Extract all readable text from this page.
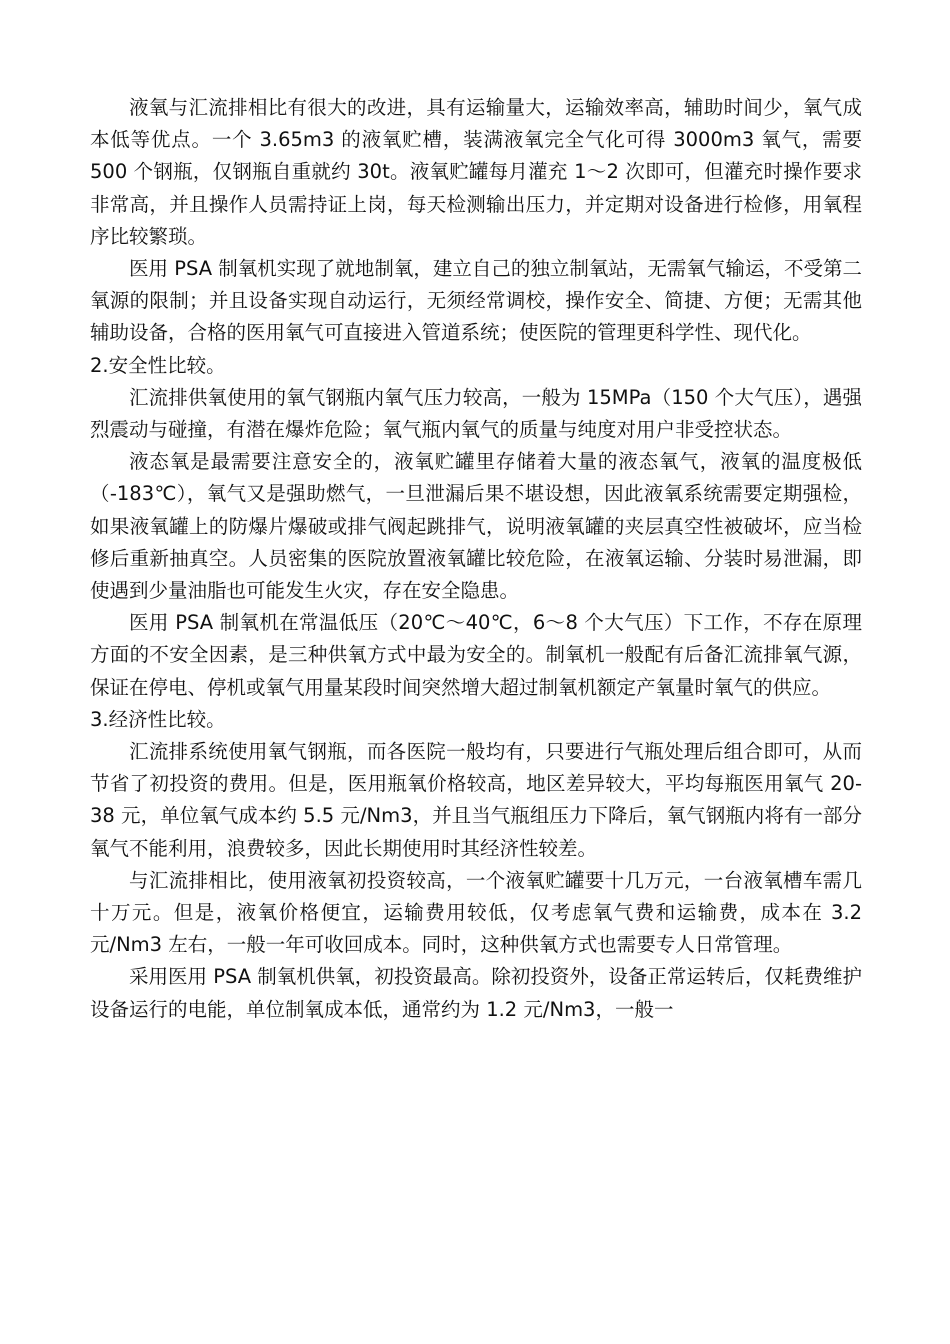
液氧与汇流排相比有很大的改进，具有运输量大，运输效率高，辅助时间少，氧气成本低等优点。一个 3.65m3 的液氧贮槽，装满液氧完全气化可得 3000m3 氧气，需要 500 个钢瓶，仅钢瓶自重就约 30t。液氧贮罐每月灌充 1～2 次即可，但灌充时操作要求非常高，并且操作人员需持证上岗，每天检测输出压力，并定期对设备进行检修，用氧程序比较繁琐。

医用 PSA 制氧机实现了就地制氧，建立自己的独立制氧站，无需氧气输运，不受第二氧源的限制；并且设备实现自动运行，无须经常调校，操作安全、简捷、方便；无需其他辅助设备，合格的医用氧气可直接进入管道系统；使医院的管理更科学性、现代化。

2.安全性比较。

汇流排供氧使用的氧气钢瓶内氧气压力较高，一般为 15MPa（150 个大气压），遇强烈震动与碰撞，有潜在爆炸危险；氧气瓶内氧气的质量与纯度对用户非受控状态。

液态氧是最需要注意安全的，液氧贮罐里存储着大量的液态氧气，液氧的温度极低（-183℃），氧气又是强助燃气，一旦泄漏后果不堪设想，因此液氧系统需要定期强检，如果液氧罐上的防爆片爆破或排气阀起跳排气，说明液氧罐的夹层真空性被破坏，应当检修后重新抽真空。人员密集的医院放置液氧罐比较危险，在液氧运输、分装时易泄漏，即使遇到少量油脂也可能发生火灾，存在安全隐患。

医用 PSA 制氧机在常温低压（20℃～40℃，6～8 个大气压）下工作，不存在原理方面的不安全因素，是三种供氧方式中最为安全的。制氧机一般配有后备汇流排氧气源，保证在停电、停机或氧气用量某段时间突然增大超过制氧机额定产氧量时氧气的供应。

3.经济性比较。

汇流排系统使用氧气钢瓶，而各医院一般均有，只要进行气瓶处理后组合即可，从而节省了初投资的费用。但是，医用瓶氧价格较高，地区差异较大，平均每瓶医用氧气 20-38 元，单位氧气成本约 5.5 元/Nm3，并且当气瓶组压力下降后，氧气钢瓶内将有一部分氧气不能利用，浪费较多，因此长期使用时其经济性较差。

与汇流排相比，使用液氧初投资较高，一个液氧贮罐要十几万元，一台液氧槽车需几十万元。但是，液氧价格便宜，运输费用较低，仅考虑氧气费和运输费，成本在 3.2 元/Nm3 左右，一般一年可收回成本。同时，这种供氧方式也需要专人日常管理。

采用医用 PSA 制氧机供氧，初投资最高。除初投资外，设备正常运转后，仅耗费维护设备运行的电能，单位制氧成本低，通常约为 1.2 元/Nm3，一般一
